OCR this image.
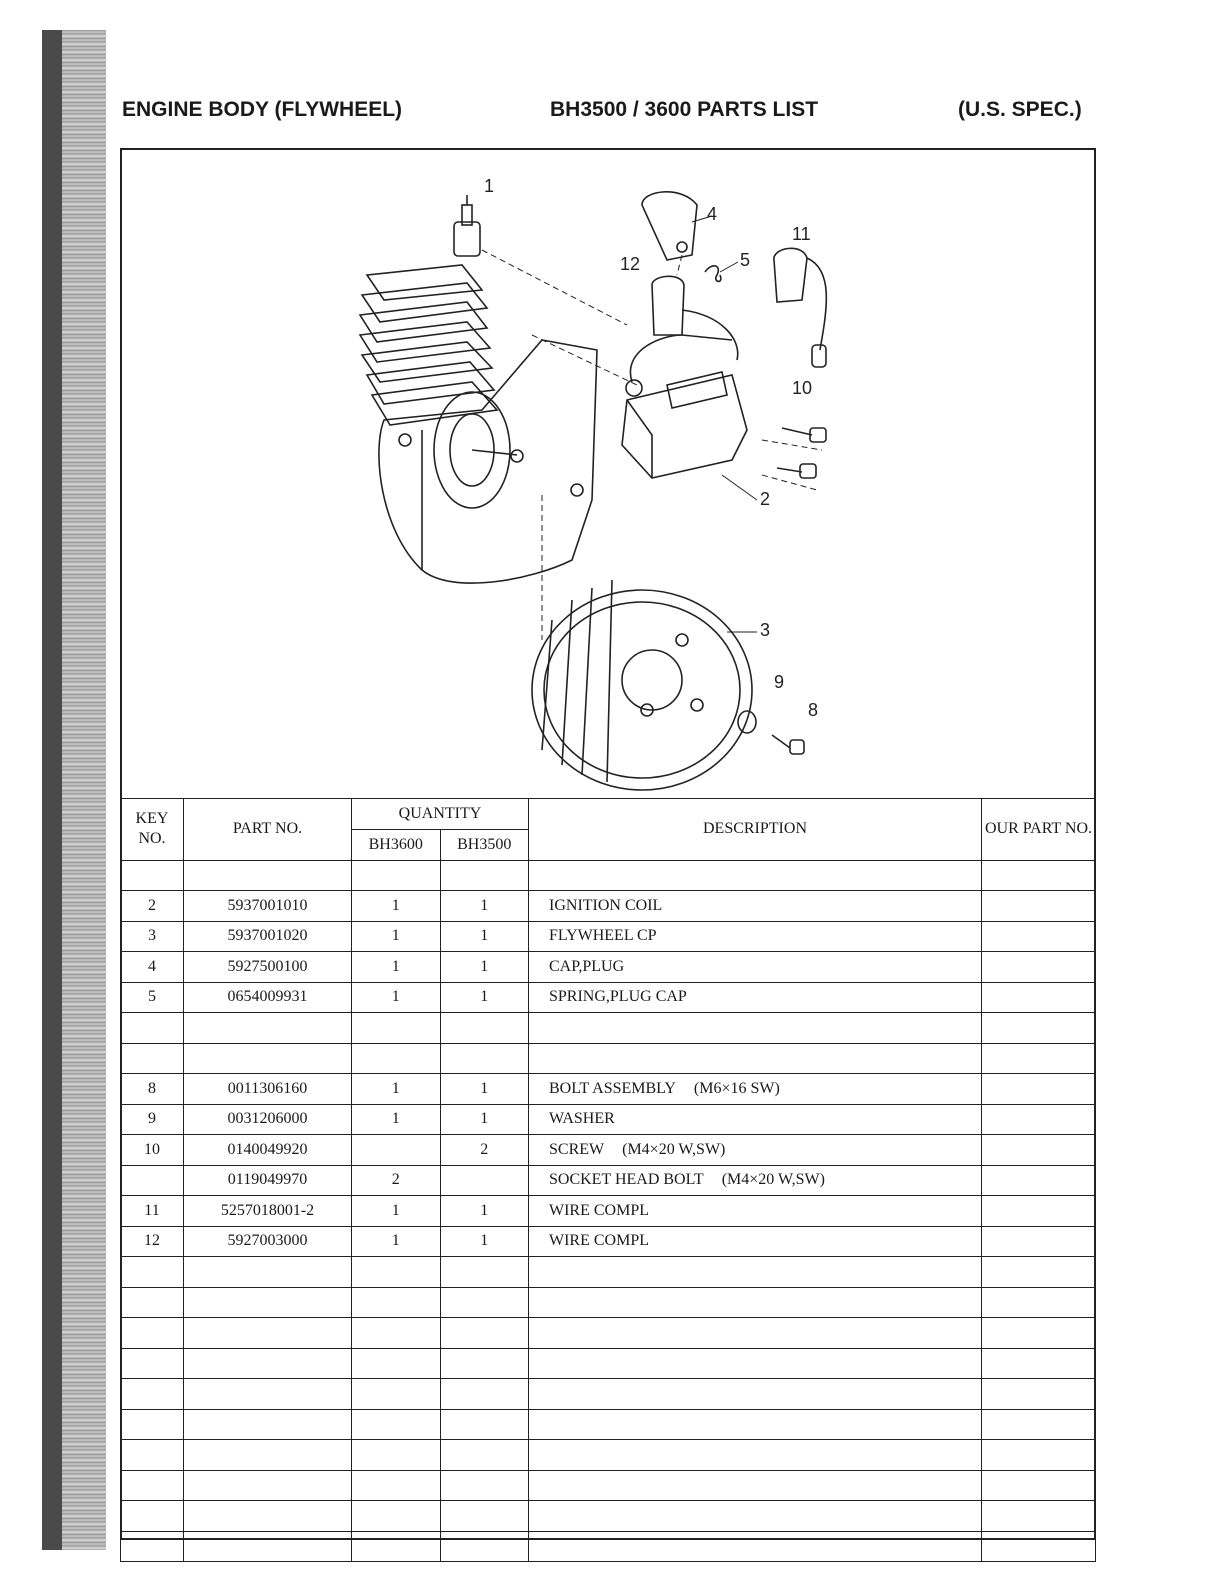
ENGINE BODY (FLYWHEEL)	BH3500 / 3600 PARTS LIST	(U.S. SPEC.)
1
2
3
4
5
8
9
10
11
12
KEY NO.	PART NO.	QUANTITY		DESCRIPTION	OUR PART NO.
		BH3600	BH3500		

2	5937001010	1	1	IGNITION COIL	
3	5937001020	1	1	FLYWHEEL CP	
4	5927500100	1	1	CAP,PLUG	
5	0654009931	1	1	SPRING,PLUG CAP	

8	0011306160	1	1	BOLT ASSEMBLY (M6×16 SW)	
9	0031206000	1	1	WASHER	
10	0140049920		2	SCREW (M4×20 W,SW)	
	0119049970	2		SOCKET HEAD BOLT (M4×20 W,SW)	
11	5257018001-2	1	1	WIRE COMPL	
12	5927003000	1	1	WIRE COMPL	
